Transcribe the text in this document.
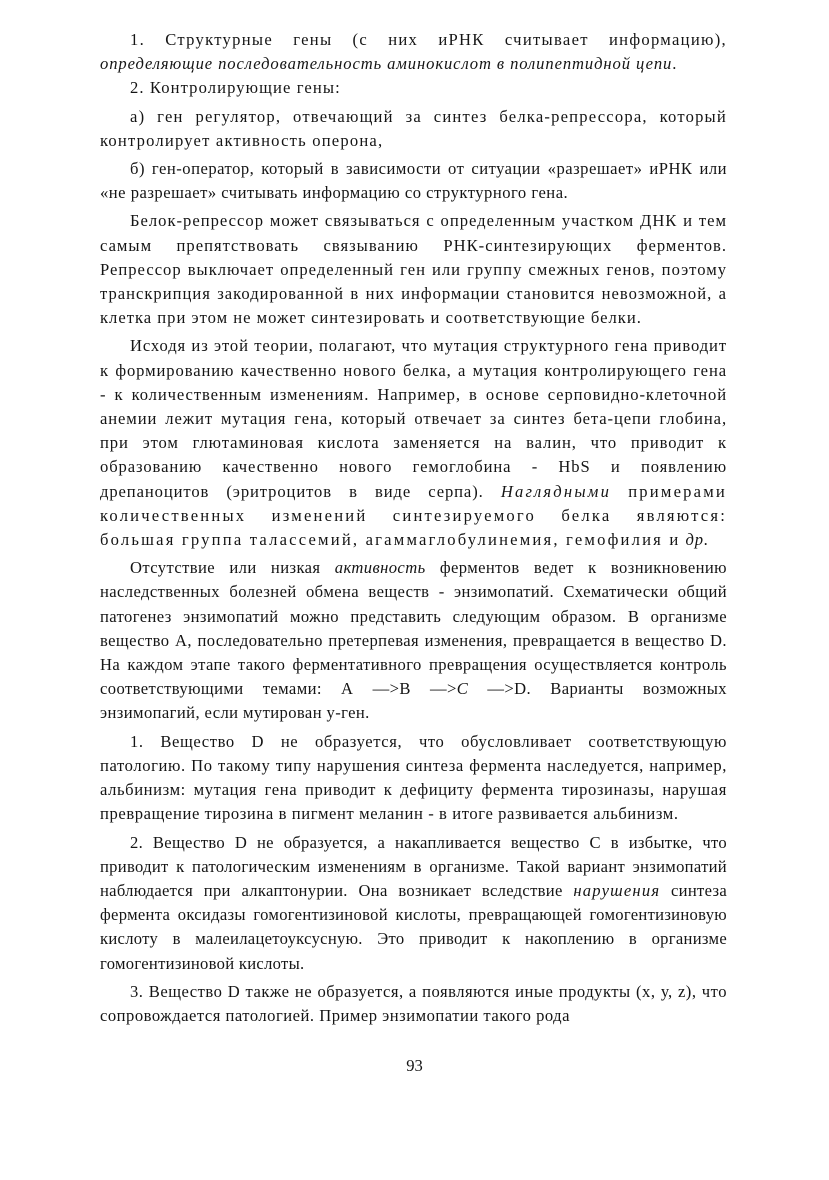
1. Структурные гены (с них иРНК считывает информацию), определяющие последовательность аминокислот в полипептидной цепи.

2. Контролирующие гены:

а) ген регулятор, отвечающий за синтез белка-репрессора, который контролирует активность оперона,

б) ген-оператор, который в зависимости от ситуации «разрешает» иРНК или «не разрешает» считывать информацию со структурного гена.

Белок-репрессор может связываться с определенным участком ДНК и тем самым препятствовать связыванию РНК-синтезирующих ферментов. Репрессор выключает определенный ген или группу смежных генов, поэтому транскрипция закодированной в них информации становится невозможной, а клетка при этом не может синтезировать и соответствующие белки.

Исходя из этой теории, полагают, что мутация структурного гена приводит к формированию качественно нового белка, а мутация контролирующего гена - к количественным изменениям. Например, в основе серповидно-клеточной анемии лежит мутация гена, который отвечает за синтез бета-цепи глобина, при этом глютаминовая кислота заменяется на валин, что приводит к образованию качественно нового гемоглобина - HbS и появлению дрепаноцитов (эритроцитов в виде серпа). Наглядными примерами количественных изменений синтезируемого белка являются: большая группа талассемий, агаммаглобулинемия, гемофилия и др.

Отсутствие или низкая активность ферментов ведет к возникновению наследственных болезней обмена веществ - энзимопатий. Схематически общий патогенез энзимопатий можно представить следующим образом. В организме вещество А, последовательно претерпевая изменения, превращается в вещество D. На каждом этапе такого ферментативного превращения осуществляется контроль соответствующими темами: А —>В —>С —>D. Варианты возможных энзимопагий, если мутирован у-ген.

1. Вещество D не образуется, что обусловливает соответствующую патологию. По такому типу нарушения синтеза фермента наследуется, например, альбинизм: мутация гена приводит к дефициту фермента тирозиназы, нарушая превращение тирозина в пигмент меланин - в итоге развивается альбинизм.

2. Вещество D не образуется, а накапливается вещество С в избытке, что приводит к патологическим изменениям в организме. Такой вариант энзимопатий наблюдается при алкаптонурии. Она возникает вследствие нарушения синтеза фермента оксидазы гомогентизиновой кислоты, превращающей гомогентизиновую кислоту в малеилацетоуксусную. Это приводит к накоплению в организме гомогентизиновой кислоты.

3. Вещество D также не образуется, а появляются иные продукты (х, у, z), что сопровождается патологией. Пример энзимопатии такого рода

93
